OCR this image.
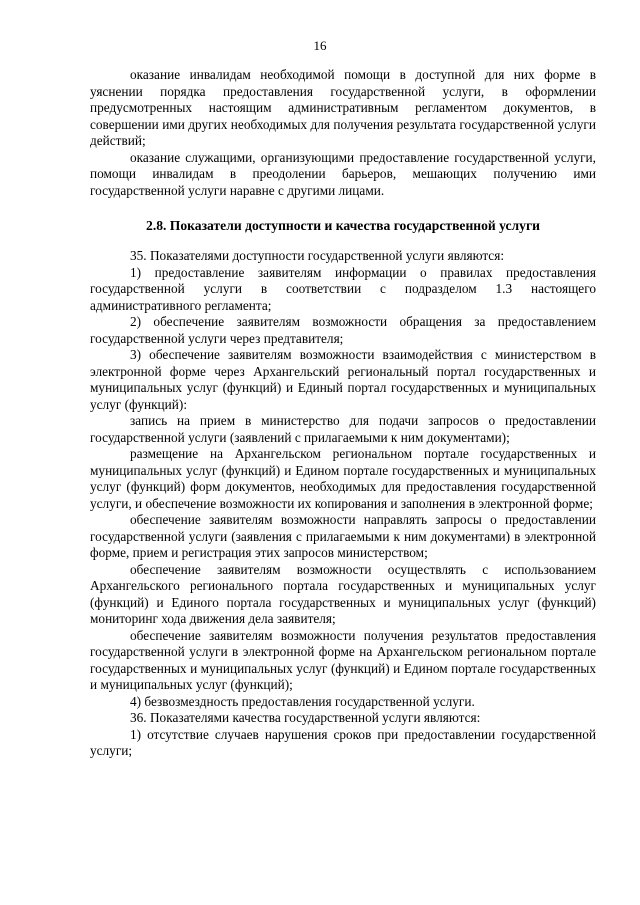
16

оказание инвалидам необходимой помощи в доступной для них форме в уяснении порядка предоставления государственной услуги, в оформлении предусмотренных настоящим административным регламентом документов, в совершении ими других необходимых для получения результата государственной услуги действий;

оказание служащими, организующими предоставление государственной услуги, помощи инвалидам в преодолении барьеров, мешающих получению ими государственной услуги наравне с другими лицами.

2.8. Показатели доступности и качества государственной услуги

35. Показателями доступности государственной услуги являются:

1) предоставление заявителям информации о правилах предоставления государственной услуги в соответствии с подразделом 1.3 настоящего административного регламента;

2) обеспечение заявителям возможности обращения за предоставлением государственной услуги через предтавителя;

3) обеспечение заявителям возможности взаимодействия с министерством в электронной форме через Архангельский региональный портал государственных и муниципальных услуг (функций) и Единый портал государственных и муниципальных услуг (функций):

запись на прием в министерство для подачи запросов о предоставлении государственной услуги (заявлений с прилагаемыми к ним документами);

размещение на Архангельском региональном портале государственных и муниципальных услуг (функций) и Едином портале государственных и муниципальных услуг (функций) форм документов, необходимых для предоставления государственной услуги, и обеспечение возможности их копирования и заполнения в электронной форме;

обеспечение заявителям возможности направлять запросы о предоставлении государственной услуги (заявления с прилагаемыми к ним документами) в электронной форме, прием и регистрация этих запросов министерством;

обеспечение заявителям возможности осуществлять с использованием Архангельского регионального портала государственных и муниципальных услуг (функций) и Единого портала государственных и муниципальных услуг (функций) мониторинг хода движения дела заявителя;

обеспечение заявителям возможности получения результатов предоставления государственной услуги в электронной форме на Архангельском региональном портале государственных и муниципальных услуг (функций) и Едином портале государственных и муниципальных услуг (функций);

4) безвозмездность предоставления государственной услуги.

36. Показателями качества государственной услуги являются:

1) отсутствие случаев нарушения сроков при предоставлении государственной услуги;
